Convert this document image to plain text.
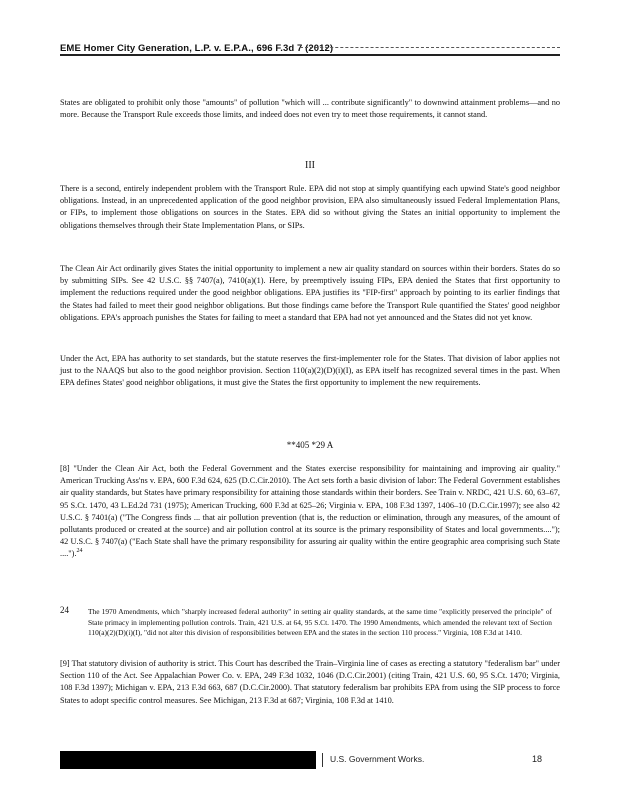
EME Homer City Generation, L.P. v. E.P.A., 696 F.3d 7 (2012)

States are obligated to prohibit only those "amounts" of pollution "which will ... contribute significantly" to downwind attainment problems—and no more. Because the Transport Rule exceeds those limits, and indeed does not even try to meet those requirements, it cannot stand.

III

There is a second, entirely independent problem with the Transport Rule. EPA did not stop at simply quantifying each upwind State's good neighbor obligations. Instead, in an unprecedented application of the good neighbor provision, EPA also simultaneously issued Federal Implementation Plans, or FIPs, to implement those obligations on sources in the States. EPA did so without giving the States an initial opportunity to implement the obligations themselves through their State Implementation Plans, or SIPs.

The Clean Air Act ordinarily gives States the initial opportunity to implement a new air quality standard on sources within their borders. States do so by submitting SIPs. See 42 U.S.C. §§ 7407(a), 7410(a)(1). Here, by preemptively issuing FIPs, EPA denied the States that first opportunity to implement the reductions required under the good neighbor obligations. EPA justifies its "FIP-first" approach by pointing to its earlier findings that the States had failed to meet their good neighbor obligations. But those findings came before the Transport Rule quantified the States' good neighbor obligations. EPA's approach punishes the States for failing to meet a standard that EPA had not yet announced and the States did not yet know.

Under the Act, EPA has authority to set standards, but the statute reserves the first-implementer role for the States. That division of labor applies not just to the NAAQS but also to the good neighbor provision. Section 110(a)(2)(D)(i)(I), as EPA itself has recognized several times in the past. When EPA defines States' good neighbor obligations, it must give the States the first opportunity to implement the new requirements.

**405 *29 A

[8] "Under the Clean Air Act, both the Federal Government and the States exercise responsibility for maintaining and improving air quality." American Trucking Ass'ns v. EPA, 600 F.3d 624, 625 (D.C.Cir.2010). The Act sets forth a basic division of labor: The Federal Government establishes air quality standards, but States have primary responsibility for attaining those standards within their borders. See Train v. NRDC, 421 U.S. 60, 63–67, 95 S.Ct. 1470, 43 L.Ed.2d 731 (1975); American Trucking, 600 F.3d at 625–26; Virginia v. EPA, 108 F.3d 1397, 1406–10 (D.C.Cir.1997); see also 42 U.S.C. § 7401(a) ("The Congress finds ... that air pollution prevention (that is, the reduction or elimination, through any measures, of the amount of pollutants produced or created at the source) and air pollution control at its source is the primary responsibility of States and local governments...."); 42 U.S.C. § 7407(a) ("Each State shall have the primary responsibility for assuring air quality within the entire geographic area comprising such State ....").$^{24}$

24	The 1970 Amendments, which "sharply increased federal authority" in setting air quality standards, at the same time "explicitly preserved the principle" of State primacy in implementing pollution controls. Train, 421 U.S. at 64, 95 S.Ct. 1470. The 1990 Amendments, which amended the relevant text of Section 110(a)(2)(D)(i)(I), "did not alter this division of responsibilities between EPA and the states in the section 110 process." Virginia, 108 F.3d at 1410.

[9] That statutory division of authority is strict. This Court has described the Train–Virginia line of cases as erecting a statutory "federalism bar" under Section 110 of the Act. See Appalachian Power Co. v. EPA, 249 F.3d 1032, 1046 (D.C.Cir.2001) (citing Train, 421 U.S. 60, 95 S.Ct. 1470; Virginia, 108 F.3d 1397); Michigan v. EPA, 213 F.3d 663, 687 (D.C.Cir.2000). That statutory federalism bar prohibits EPA from using the SIP process to force States to adopt specific control measures. See Michigan, 213 F.3d at 687; Virginia, 108 F.3d at 1410.

U.S. Government Works.	18
